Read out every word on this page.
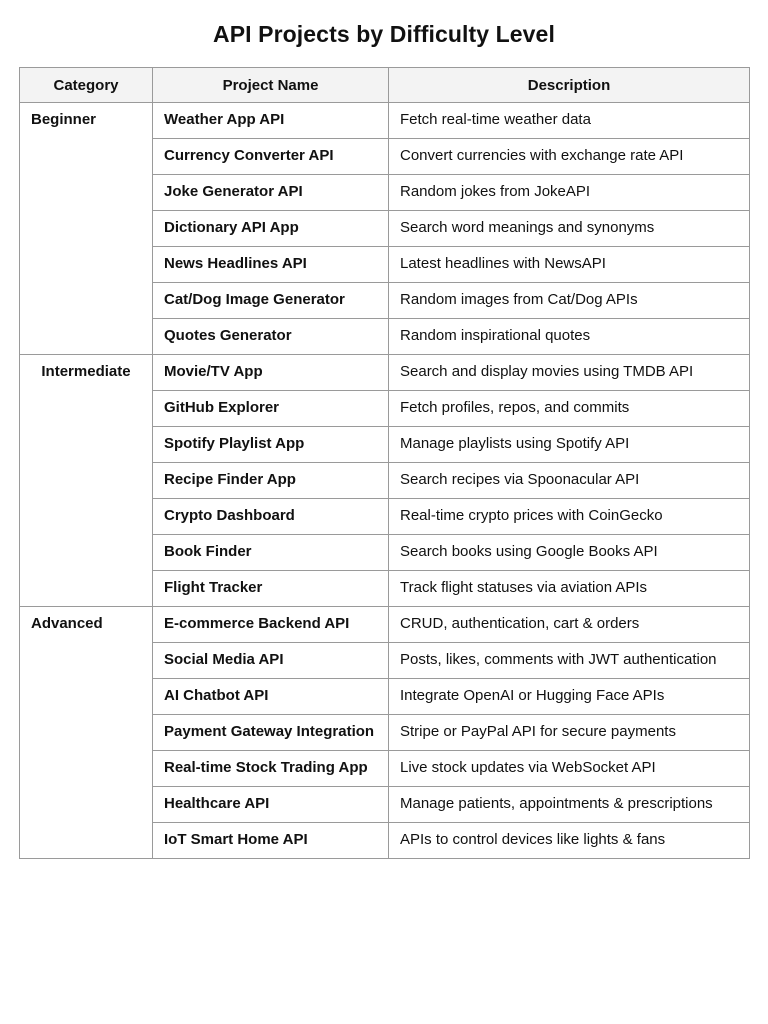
API Projects by Difficulty Level
Category	Project Name	Description
Beginner	Weather App API	Fetch real-time weather data
	Currency Converter API	Convert currencies with exchange rate API
	Joke Generator API	Random jokes from JokeAPI
	Dictionary API App	Search word meanings and synonyms
	News Headlines API	Latest headlines with NewsAPI
	Cat/Dog Image Generator	Random images from Cat/Dog APIs
	Quotes Generator	Random inspirational quotes
Intermediate	Movie/TV App	Search and display movies using TMDB API
	GitHub Explorer	Fetch profiles, repos, and commits
	Spotify Playlist App	Manage playlists using Spotify API
	Recipe Finder App	Search recipes via Spoonacular API
	Crypto Dashboard	Real-time crypto prices with CoinGecko
	Book Finder	Search books using Google Books API
	Flight Tracker	Track flight statuses via aviation APIs
Advanced	E-commerce Backend API	CRUD, authentication, cart & orders
	Social Media API	Posts, likes, comments with JWT authentication
	AI Chatbot API	Integrate OpenAI or Hugging Face APIs
	Payment Gateway Integration	Stripe or PayPal API for secure payments
	Real-time Stock Trading App	Live stock updates via WebSocket API
	Healthcare API	Manage patients, appointments & prescriptions
	IoT Smart Home API	APIs to control devices like lights & fans
